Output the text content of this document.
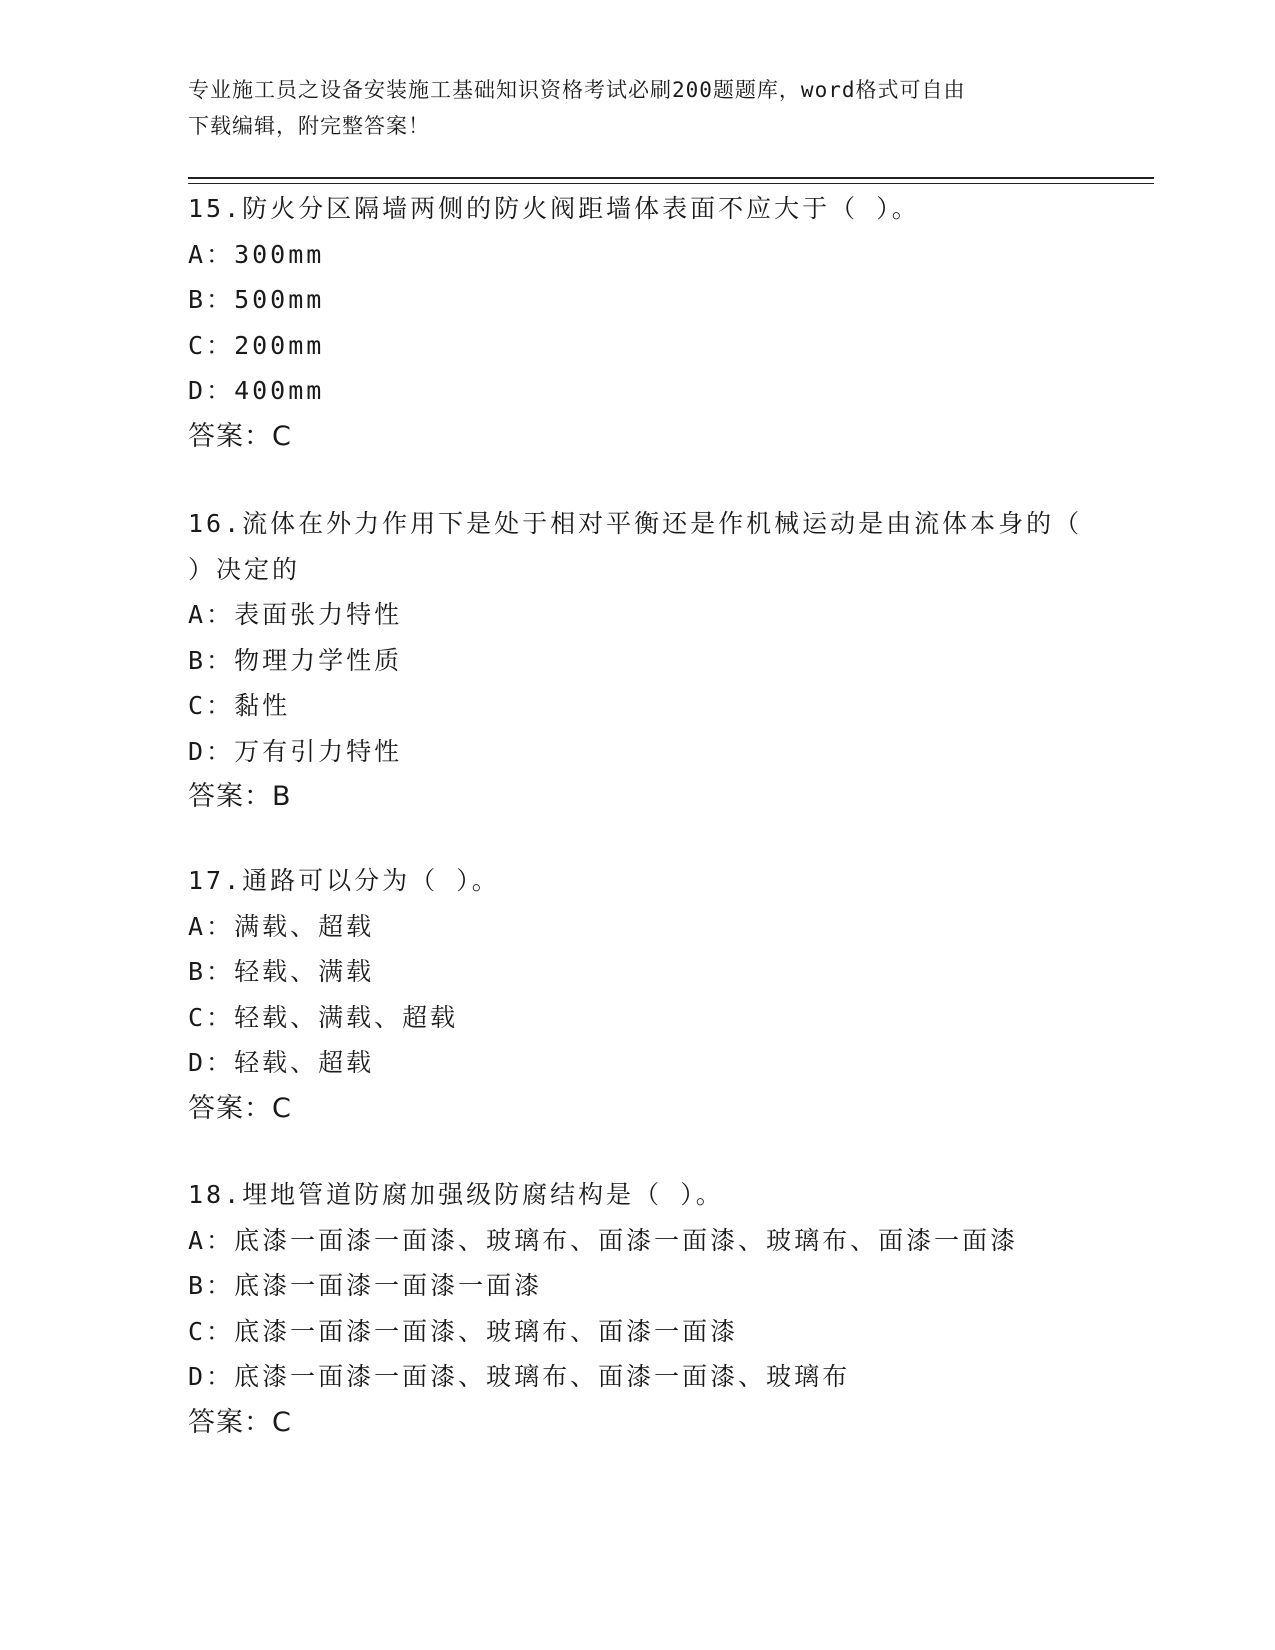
专业施工员之设备安装施工基础知识资格考试必刷200题题库，word格式可自由
下载编辑，附完整答案！
15.防火分区隔墙两侧的防火阀距墙体表面不应大于（ ）。
A：300mm
B：500mm
C：200mm
D：400mm
答案：C
16.流体在外力作用下是处于相对平衡还是作机械运动是由流体本身的（ ）决定的
A：表面张力特性
B：物理力学性质
C：黏性
D：万有引力特性
答案：B
17.通路可以分为（ ）。
A：满载、超载
B：轻载、满载
C：轻载、满载、超载
D：轻载、超载
答案：C
18.埋地管道防腐加强级防腐结构是（ ）。
A：底漆一面漆一面漆、玻璃布、面漆一面漆、玻璃布、面漆一面漆
B：底漆一面漆一面漆一面漆
C：底漆一面漆一面漆、玻璃布、面漆一面漆
D：底漆一面漆一面漆、玻璃布、面漆一面漆、玻璃布
答案：C
